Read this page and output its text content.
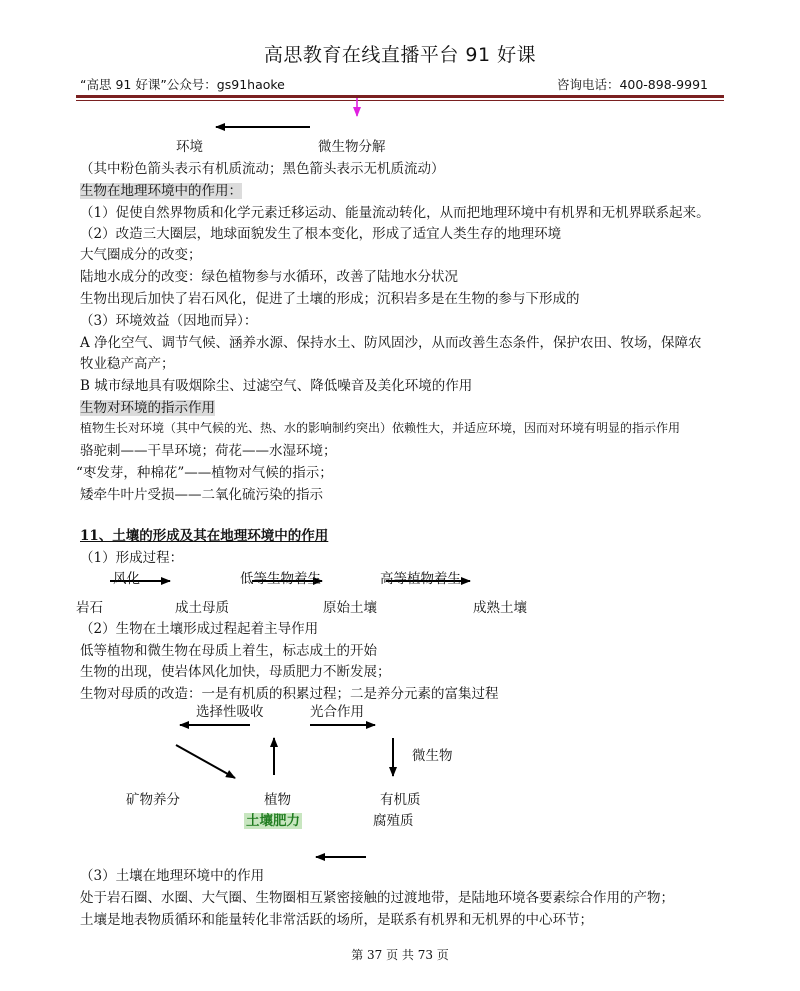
高思教育在线直播平台 91 好课
“高思 91 好课”公众号：gs91haoke	咨询电话：400-898-9991
环境	微生物分解
（其中粉色箭头表示有机质流动；黑色箭头表示无机质流动）
生物在地理环境中的作用：
（1）促使自然界物质和化学元素迁移运动、能量流动转化，从而把地理环境中有机界和无机界联系起来。
（2）改造三大圈层，地球面貌发生了根本变化，形成了适宜人类生存的地理环境
大气圈成分的改变；
陆地水成分的改变：绿色植物参与水循环，改善了陆地水分状况
生物出现后加快了岩石风化，促进了土壤的形成；沉积岩多是在生物的参与下形成的
（3）环境效益（因地而异）：
A 净化空气、调节气候、涵养水源、保持水土、防风固沙，从而改善生态条件，保护农田、牧场，保障农
牧业稳产高产；
B 城市绿地具有吸烟除尘、过滤空气、降低噪音及美化环境的作用
生物对环境的指示作用
植物生长对环境（其中气候的光、热、水的影响制约突出）依赖性大，并适应环境，因而对环境有明显的指示作用
骆驼刺——干旱环境；荷花——水湿环境；
“枣发芽，种棉花”——植物对气候的指示；
矮牵牛叶片受损——二氧化硫污染的指示
11、土壤的形成及其在地理环境中的作用
（1）形成过程：
风化	低等生物着生	高等植物着生
岩石	成土母质	原始土壤	成熟土壤
（2）生物在土壤形成过程起着主导作用
低等植物和微生物在母质上着生，标志成土的开始
生物的出现，使岩体风化加快，母质肥力不断发展；
生物对母质的改造：一是有机质的积累过程；二是养分元素的富集过程
选择性吸收	光合作用
微生物
矿物养分	植物	有机质
土壤肥力	腐殖质
（3）土壤在地理环境中的作用
处于岩石圈、水圈、大气圈、生物圈相互紧密接触的过渡地带，是陆地环境各要素综合作用的产物；
土壤是地表物质循环和能量转化非常活跃的场所，是联系有机界和无机界的中心环节；
第 37 页 共 73 页
